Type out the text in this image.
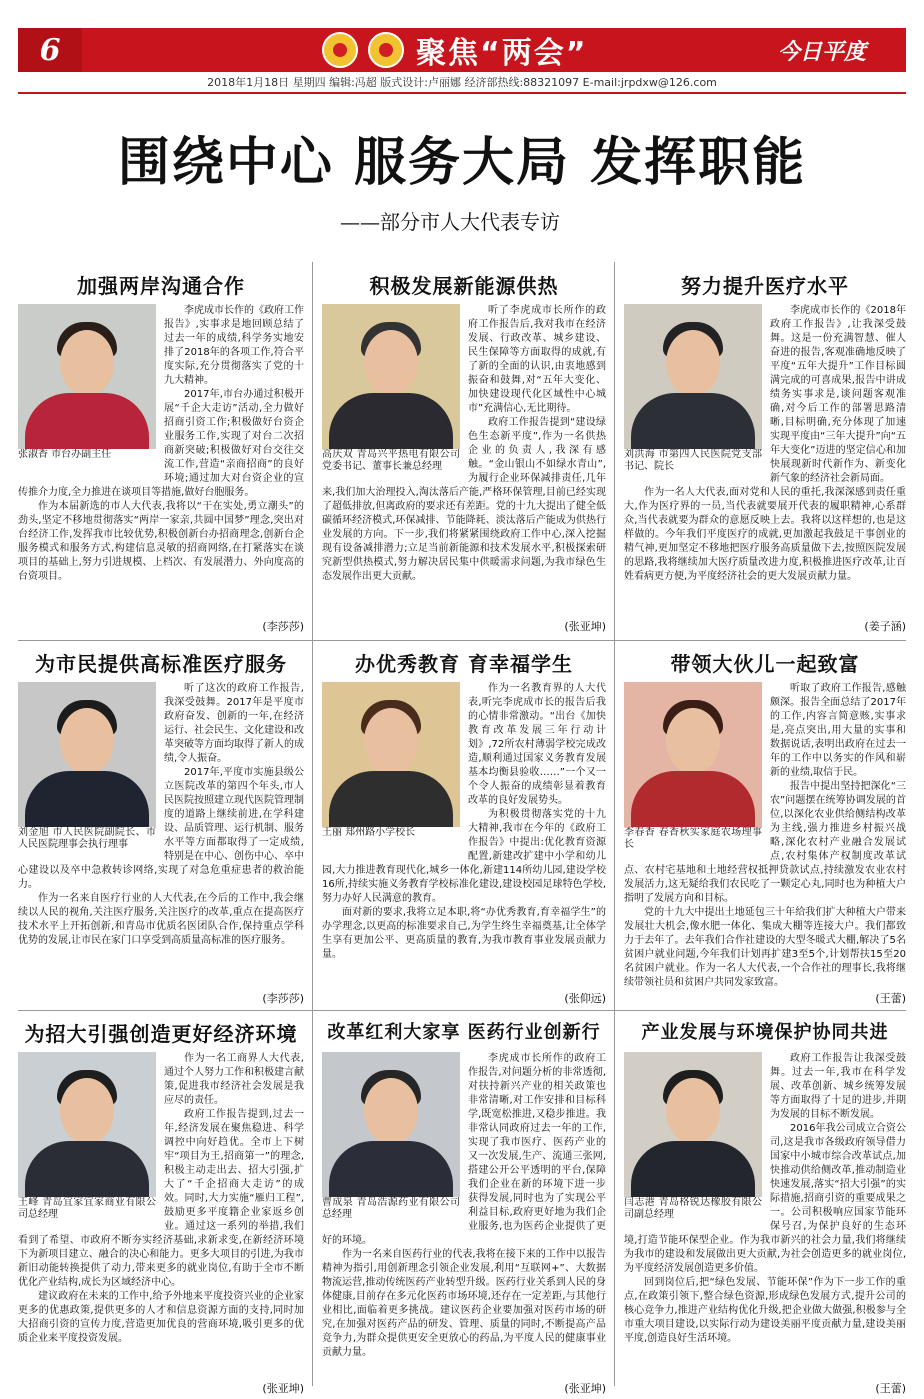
6	聚焦“两会”	今日平度
2018年1月18日 星期四 编辑:冯超 版式设计:卢丽娜 经济部热线:88321097 E-mail:jrpdxw@126.com
围绕中心 服务大局 发挥职能
——部分市人大代表专访
加强两岸沟通合作
张淑香 市台办副主任

李虎成市长作的《政府工作报告》,实事求是地回顾总结了过去一年的成绩,科学务实地安排了2018年的各项工作,符合平度实际,充分贯彻落实了党的十九大精神。

2017年,市台办通过积极开展“千企大走访”活动,全力做好招商引资工作;积极做好台资企业服务工作,实现了对台二次招商新突破;积极做好对台交往交流工作,营造“亲商招商”的良好环境;通过加大对台资企业的宣传推介力度,全力推进在谈项目等措施,做好台胞服务。

作为本届新选的市人大代表,我将以“干在实处,勇立潮头”的劲头,坚定不移地贯彻落实“两岸一家亲,共圆中国梦”理念,突出对台经济工作,发挥我市比较优势,积极创新台办招商理念,创新台企服务模式和服务方式,构建信息灵敏的招商网络,在打紧落实在谈项目的基础上,努力引进规模、上档次、有发展潜力、外向度高的台资项目。

(李莎莎)
积极发展新能源供热
高庆双 青岛兴平热电有限公司党委书记、董事长兼总经理

听了李虎成市长所作的政府工作报告后,我对我市在经济发展、行政改革、城乡建设、民生保障等方面取得的成就,有了新的全面的认识,由衷地感到振奋和鼓舞,对“五年大变化、加快建设现代化区域性中心城市”充满信心,无比期待。

政府工作报告提到“建设绿色生态新平度”,作为一名供热企业的负责人,我深有感触。“金山银山不如绿水青山”,为履行企业环保减排责任,几年来,我们加大治理投入,淘汰落后产能,严格环保管理,目前已经实现了超低排放,但离政府的要求还有差距。党的十九大提出了健全低碳循环经济模式,环保减排、节能降耗、淡汰落后产能成为供热行业发展的方向。下一步,我们将紧紧围绕政府工作中心,深入挖掘现有设备减排潜力;立足当前新能源和技术发展水平,积极探索研究新型供热模式,努力解决居民集中供暖需求问题,为我市绿色生态发展作出更大贡献。

(张亚坤)
努力提升医疗水平
刘洪海 市第四人民医院党支部书记、院长

李虎成市长作的《2018年政府工作报告》,让我深受鼓舞。这是一份充满智慧、催人奋进的报告,客观准确地反映了平度“五年大提升”工作目标圆满完成的可喜成果,报告中讲成绩务实事求是,谈问题客观准确,对今后工作的部署思路清晰,目标明确,充分体现了加速实现平度由“三年大提升”向“五年大变化”迈进的坚定信心和加快展现新时代新作为、新变化新气象的经济社会新局面。

作为一名人大代表,面对党和人民的重托,我深深感到责任重大,作为医疗界的一员,当代表就要展开代表的履职精神,心系群众,当代表就要为群众的意愿反映上去。我将以这样想的,也是这样做的。今年我们平度医疗的成就,更加激起我鼓足干事创业的精气神,更加坚定不移地把医疗服务高质量做下去,按照医院发展的思路,我将继续加大医疗质量改进力度,积极推进医疗改革,让百姓看病更方便,为平度经济社会的更大发展贡献力量。

(姜子涵)
为市民提供高标准医疗服务
刘金旭 市人民医院副院长、市人民医院理事会执行理事

听了这次的政府工作报告,我深受鼓舞。2017年是平度市政府奋发、创新的一年,在经济运行、社会民生、文化建设和改革突破等方面均取得了新人的成绩,令人振奋。

2017年,平度市实施县级公立医院改革的第四个年头,市人民医院按照建立现代医院管理制度的道路上继续前进,在学科建设、品质管理、运行机制、服务水平等方面都取得了一定成绩,特别是在中心、创伤中心、卒中心建设以及卒中急救转诊网络,实现了对急危重症患者的救治能力。

作为一名来自医疗行业的人大代表,在今后的工作中,我会继续以人民的视角,关注医疗服务,关注医疗的改革,重点在提高医疗技术水平上开拓创新,和青岛市优质名医团队合作,保持重点学科优势的发展,让市民在家门口享受到高质量高标准的医疗服务。

(李莎莎)
办优秀教育 育幸福学生
王丽 郑州路小学校长

作为一名教育界的人大代表,听完李虎成市长的报告后我的心情非常激动。“出台《加快教育改革发展三年行动计划》,72所农村薄弱学校完成改造,顺利通过国家义务教育发展基本均衡县验收……”一个又一个令人振奋的成绩彰显着教育改革的良好发展势头。

为积极贯彻落实党的十九大精神,我市在今年的《政府工作报告》中提出:优化教育资源配置,新建改扩建中小学和幼儿园,大力推进教育现代化,城乡一体化,新建114所幼儿园,建设学校16所,持续实施义务教育学校标准化建设,建设校园足球特色学校,努力办好人民满意的教育。

面对新的要求,我将立足本职,将“办优秀教育,育幸福学生”的办学理念,以更高的标准要求自己,为学生终生幸福奠基,让全体学生享有更加公平、更高质量的教育,为我市教育事业发展贡献力量。

(张仰远)
带领大伙儿一起致富
李春香 春香秋实家庭农场理事长

听取了政府工作报告,感触颇深。报告全面总结了2017年的工作,内容言简意赅,实事求是,亮点突出,用大量的实事和数据说话,表明出政府在过去一年的工作中以务实的作风和崭新的业绩,取信于民。

报告中提出坚持把深化“三农”问题摆在统筹协调发展的首位,以深化农业供给侧结构改革为主线,强力推进乡村振兴战略,深化农村产业融合发展试点,农村集体产权制度改革试点、农村宅基地和土地经营权抵押贷款试点,持续激发农业农村发展活力,这无疑给我们农民吃了一颗定心丸,同时也为种植大户指明了发展方向和目标。

党的十九大中提出土地延包三十年给我们扩大种植大户带来发展壮大机会,像水肥一体化、集成大棚等连接大户。我们都致力于去年了。去年我们合作社建设的大型冬暖式大棚,解决了5名贫困户就业问题,今年我们计划再扩建3至5个,计划帮扶15至20名贫困户就业。作为一名人大代表,一个合作社的理事长,我将继续带领社员和贫困户共同发家致富。

(王蕾)
为招大引强创造更好经济环境
王峰 青岛宜家宜家商业有限公司总经理

作为一名工商界人大代表,通过个人努力工作和积极建言献策,促进我市经济社会发展是我应尽的责任。

政府工作报告提到,过去一年,经济发展在聚焦稳进、科学调控中向好趋优。全市上下树牢“项目为王,招商第一”的理念,积极主动走出去、招大引强,扩大了“千企招商大走访”的成效。同时,大力实施“雁归工程”,鼓励更多平度籍企业家返乡创业。通过这一系列的举措,我们看到了希望、市政府不断夯实经济基础,求新求变,在新经济环境下为新项目建立、融合的决心和能力。更多大项目的引进,为我市新旧动能转换提供了动力,带来更多的就业岗位,有助于全市不断优化产业结构,成长为区域经济中心。

建议政府在未来的工作中,给予外地来平度投资兴业的企业家更多的优惠政策,提供更多的人才和信息资源方面的支持,同时加大招商引资的宣传力度,营造更加优良的营商环境,吸引更多的优质企业来平度投资发展。

(张亚坤)
改革红利大家享 医药行业创新行
曹成泉 青岛浩源药业有限公司总经理

李虎成市长所作的政府工作报告,对问题分析的非常透彻,对扶持新兴产业的相关政策也非常清晰,对工作安排和目标科学,既宽松推进,又稳步推进。我非常认同政府过去一年的工作,实现了我市医疗、医药产业的又一次发展,生产、流通三张网,搭建公开公平透明的平台,保障我们企业在新的环境下进一步获得发展,同时也为了实现公平利益目标,政府更好地为我们企业服务,也为医药企业提供了更好的环境。

作为一名来自医药行业的代表,我将在接下来的工作中以报告精神为指引,用创新理念引领企业发展,利用“互联网+”、大数据物流运营,推动传统医药产业转型升级。医药行业关系到人民的身体健康,目前存在多元化医药市场环境,还存在一定差距,与其他行业相比,面临着更多挑战。建议医药企业要加强对医药市场的研究,在加强对医药产品的研发、管理、质量的同时,不断提高产品竞争力,为群众提供更安全更放心的药品,为平度人民的健康事业贡献力量。

(张亚坤)
产业发展与环境保护协同共进
闫志港 青岛格锐达橡胶有限公司副总经理

政府工作报告让我深受鼓舞。过去一年,我市在科学发展、改革创新、城乡统筹发展等方面取得了十足的进步,并期为发展的目标不断发展。

2016年我公司成立合资公司,这是我市各级政府领导借力国家中小城市综合改革试点,加快推动供给侧改革,推动制造业快速发展,落实“招大引强”的实际措施,招商引资的重要成果之一。公司积极响应国家节能环保号召,为保护良好的生态环境,打造节能环保型企业。作为我市新兴的社会力量,我们将继续为我市的建设和发展做出更大贡献,为社会创造更多的就业岗位,为平度经济发展创造更多价值。

回到岗位后,把“绿色发展、节能环保”作为下一步工作的重点,在政策引领下,整合绿色资源,形成绿色发展方式,提升公司的核心竞争力,推进产业结构优化升级,把企业做大做强,积极参与全市重大项目建设,以实际行动为建设美丽平度贡献力量,建设美丽平度,创造良好生活环境。

(王蕾)
